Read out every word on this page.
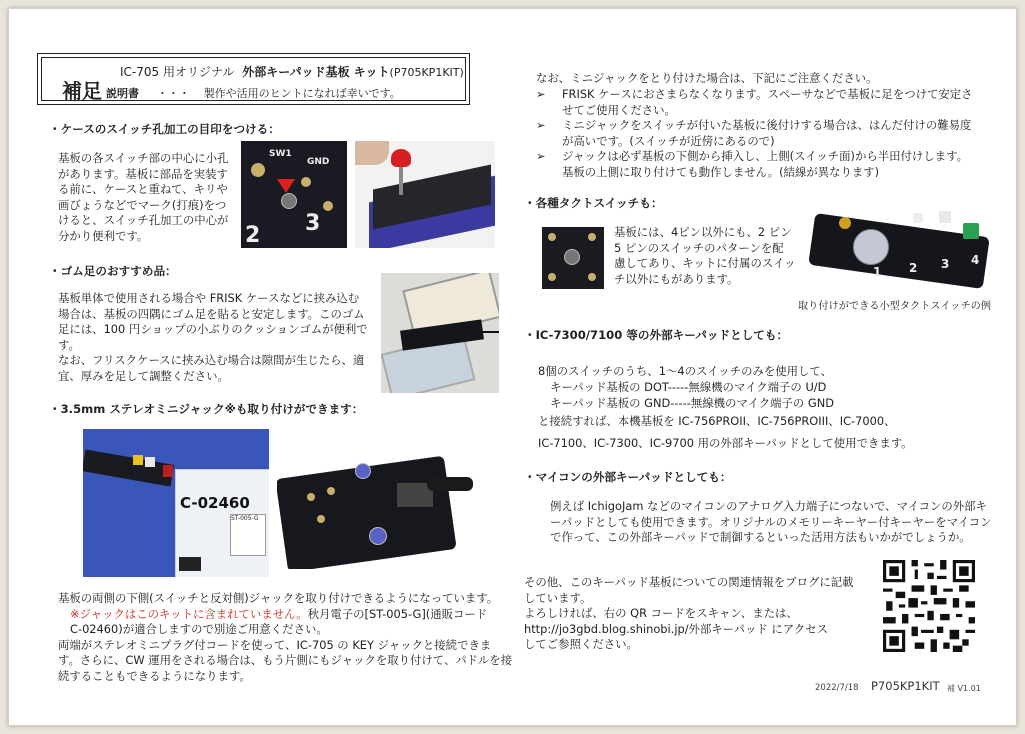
IC-705 用オリジナル 外部キーパッド基板 キット(P705KP1KIT)
補足 説明書 ・・・ 製作や活用のヒントになれば幸いです。
・ケースのスイッチ孔加工の目印をつける：
基板の各スイッチ部の中心に小孔
があります。基板に部品を実装す
る前に、ケースと重ねて、キリや
画びょうなどでマーク(打痕)をつ
けると、スイッチ孔加工の中心が
分かり便利です。
SW1
GND
2 3
・ゴム足のおすすめ品：
基板単体で使用される場合や FRISK ケースなどに挟み込む
場合は、基板の四隅にゴム足を貼ると安定します。このゴム
足には、100 円ショップの小ぶりのクッションゴムが便利で
す。
なお、フリスクケースに挟み込む場合は隙間が生じたら、適
宜、厚みを足して調整ください。
・3.5mm ステレオミニジャック※も取り付けができます：
C-02460
ST-005-G
基板の両側の下側(スイッチと反対側)ジャックを取り付けできるようになっています。
※ジャックはこのキットに含まれていません。秋月電子の[ST-005-G](通販コード
C-02460)が適合しますので別途ご用意ください。
両端がステレオミニプラグ付コードを使って、IC-705 の KEY ジャックと接続できま
す。さらに、CW 運用をされる場合は、もう片側にもジャックを取り付けて、パドルを接
続することもできるようになります。
なお、ミニジャックをとり付けた場合は、下記にご注意ください。
➢ FRISK ケースにおさまらなくなります。スペーサなどで基板に足をつけて安定さ
せてご使用ください。
➢ ミニジャックをスイッチが付いた基板に後付けする場合は、はんだ付けの難易度
が高いです。(スイッチが近傍にあるので)
➢ ジャックは必ず基板の下側から挿入し、上側(スイッチ面)から半田付けします。
基板の上側に取り付けても動作しません。(結線が異なります)
・各種タクトスイッチも：
基板には、4ピン以外にも、2 ピン
5 ピンのスイッチのパターンを配
慮してあり、キットに付属のスイッ
チ以外にもがあります。	1 2 3 4
取り付けができる小型タクトスイッチの例
・IC-7300/7100 等の外部キーパッドとしても：
8個のスイッチのうち、1～4のスイッチのみを使用して、
キーパッド基板の DOT-----無線機のマイク端子の U/D
キーパッド基板の GND-----無線機のマイク端子の GND
と接続すれば、本機基板を IC-756PROII、IC-756PROIII、IC-7000、
IC-7100、IC-7300、IC-9700 用の外部キーパッドとして使用できます。
・マイコンの外部キーパッドとしても：
例えば IchigoJam などのマイコンのアナログ入力端子につないで、マイコンの外部キ
ーパッドとしても使用できます。オリジナルのメモリーキーヤー付キーヤーをマイコン
で作って、この外部キーパッドで制御するといった活用方法もいかがでしょうか。
その他、このキーパッド基板についての関連情報をブログに記載
しています。
よろしければ、右の QR コードをスキャン、または、
http://jo3gbd.blog.shinobi.jp/外部キーパッド にアクセス
してご参照ください。
2022/7/18 P705KP1KIT 補 V1.01
